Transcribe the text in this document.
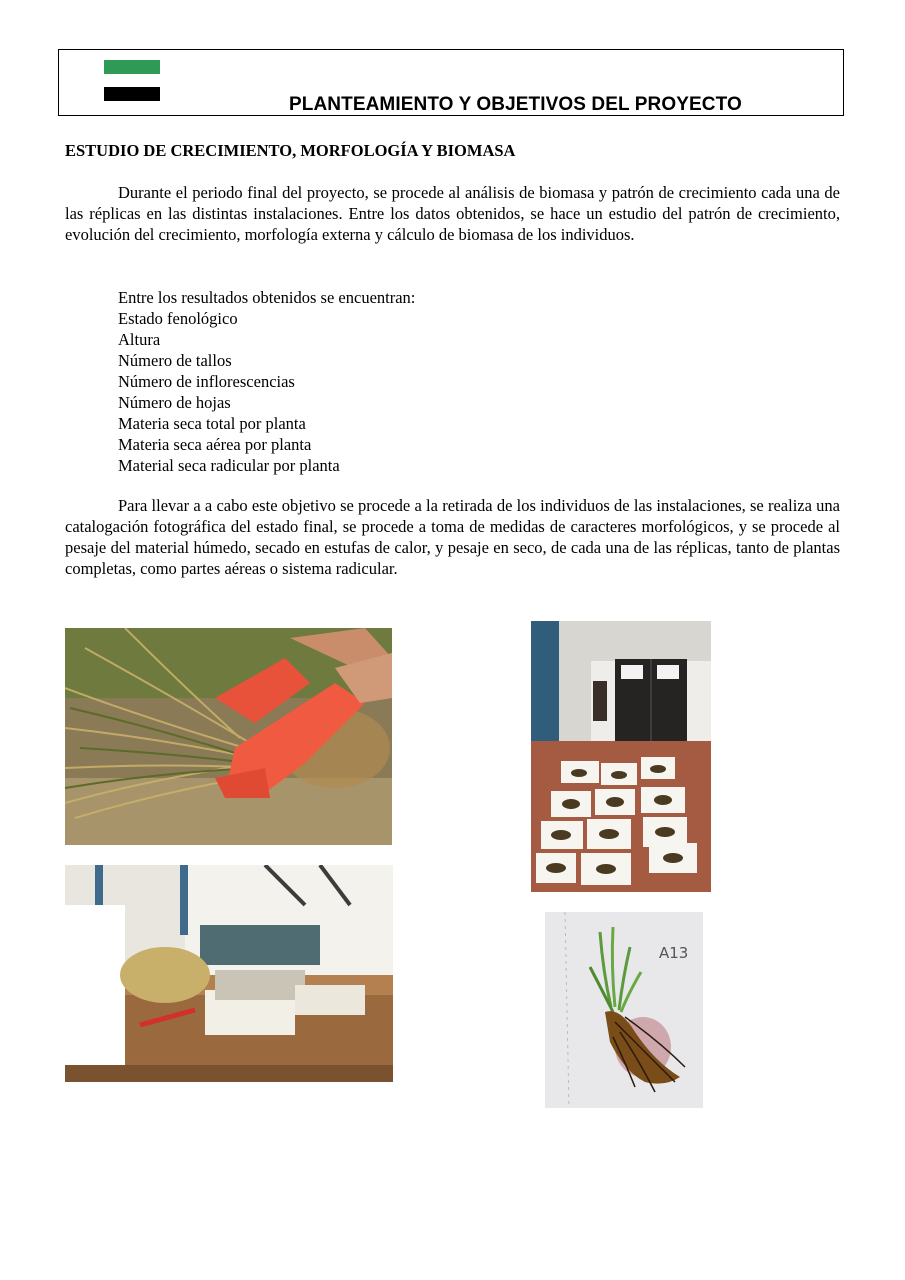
PLANTEAMIENTO Y OBJETIVOS DEL PROYECTO
ESTUDIO DE CRECIMIENTO, MORFOLOGÍA Y BIOMASA

Durante el periodo final del proyecto, se procede al análisis de biomasa y patrón de crecimiento cada una de las réplicas en las distintas instalaciones. Entre los datos obtenidos, se hace un estudio del patrón de crecimiento, evolución del crecimiento, morfología externa y cálculo de biomasa de los individuos.

Entre los resultados obtenidos se encuentran:
Estado fenológico
Altura
Número de tallos
Número de inflorescencias
Número de hojas
Materia seca total por planta
Materia seca aérea por planta
Material seca radicular por planta

Para llevar a a cabo este objetivo se procede a la retirada de los individuos de las instalaciones, se realiza una catalogación fotográfica del estado final, se procede a toma de medidas de caracteres morfológicos, y se procede al pesaje del material húmedo, secado en estufas de calor, y pesaje en seco, de cada una de las réplicas, tanto de plantas completas, como partes aéreas o sistema radicular.

A13
